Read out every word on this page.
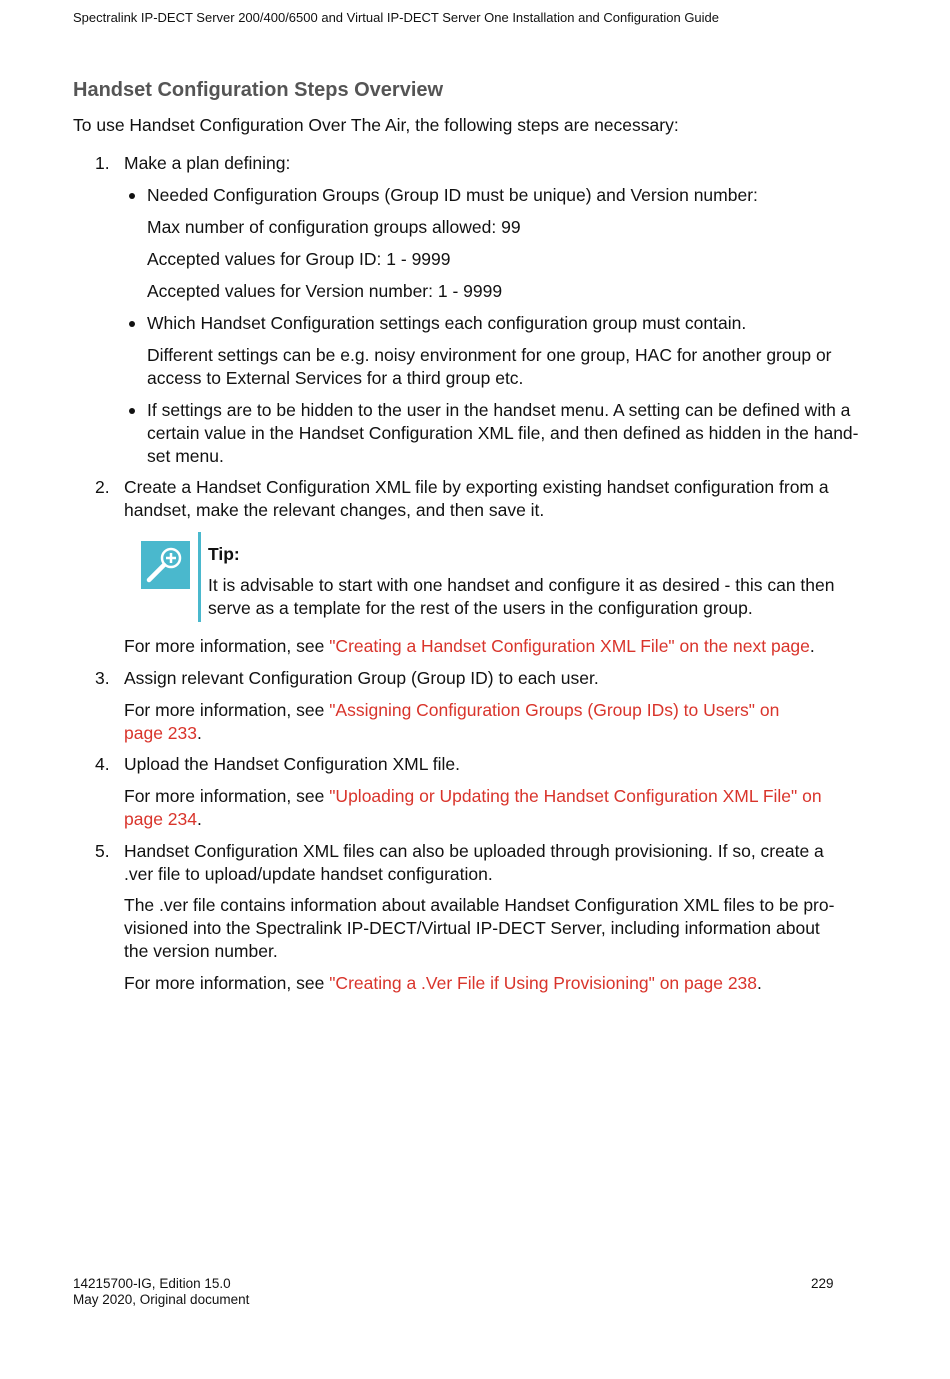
Spectralink IP-DECT Server 200/400/6500 and Virtual IP-DECT Server One Installation and Configuration Guide
Handset Configuration Steps Overview
To use Handset Configuration Over The Air, the following steps are necessary:
1. Make a plan defining:
Needed Configuration Groups (Group ID must be unique) and Version number:
Max number of configuration groups allowed: 99
Accepted values for Group ID: 1 - 9999
Accepted values for Version number: 1 - 9999
Which Handset Configuration settings each configuration group must contain.
Different settings can be e.g. noisy environment for one group, HAC for another group or
access to External Services for a third group etc.
If settings are to be hidden to the user in the handset menu. A setting can be defined with a
certain value in the Handset Configuration XML file, and then defined as hidden in the hand-
set menu.
2. Create a Handset Configuration XML file by exporting existing handset configuration from a
handset, make the relevant changes, and then save it.
Tip:
It is advisable to start with one handset and configure it as desired - this can then
serve as a template for the rest of the users in the configuration group.
For more information, see "Creating a Handset Configuration XML File" on the next page.
3. Assign relevant Configuration Group (Group ID) to each user.
For more information, see "Assigning Configuration Groups (Group IDs) to Users" on
page 233.
4. Upload the Handset Configuration XML file.
For more information, see "Uploading or Updating the Handset Configuration XML File" on
page 234.
5. Handset Configuration XML files can also be uploaded through provisioning. If so, create a
.ver file to upload/update handset configuration.
The .ver file contains information about available Handset Configuration XML files to be pro-
visioned into the Spectralink IP-DECT/Virtual IP-DECT Server, including information about
the version number.
For more information, see "Creating a .Ver File if Using Provisioning" on page 238.
14215700-IG, Edition 15.0
May 2020, Original document
229
